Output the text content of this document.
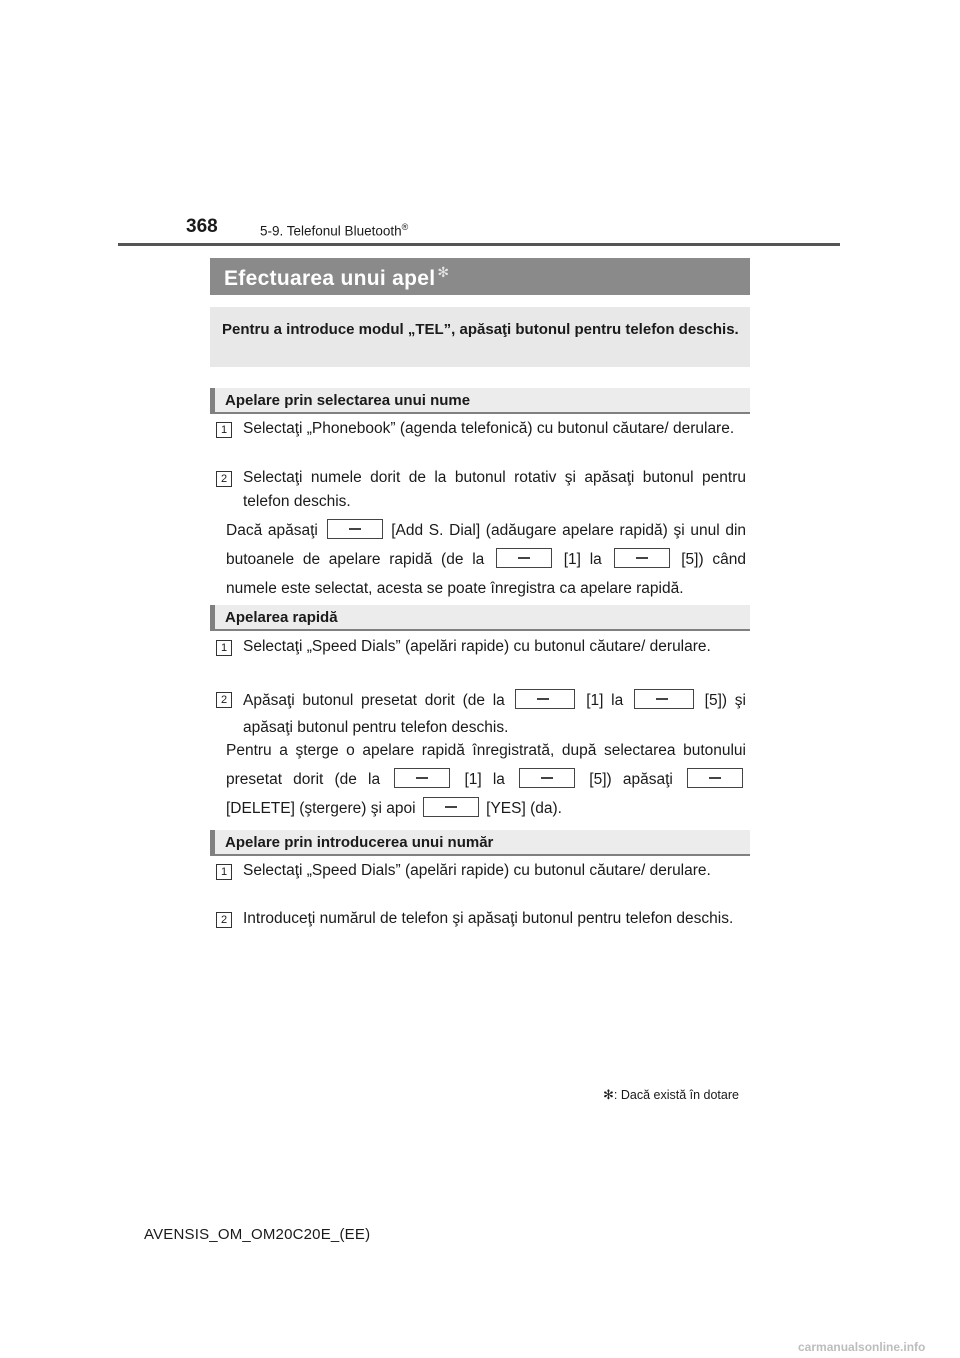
368	5-9. Telefonul Bluetooth®
Efectuarea unui apel ✻

Pentru a introduce modul „TEL”, apăsaţi butonul pentru telefon deschis.

Apelare prin selectarea unui nume
1	Selectaţi „Phonebook” (agenda telefonică) cu butonul căutare/ derulare.

2	Selectaţi numele dorit de la butonul rotativ şi apăsaţi butonul pentru telefon deschis.

Dacă apăsaţi	[Add S. Dial] (adăugare apelare rapidă) şi unul din butoanele de apelare rapidă (de la	[1] la	[5]) când numele este selectat, acesta se poate înregistra ca apelare rapidă.

Apelarea rapidă
1	Selectaţi „Speed Dials” (apelări rapide) cu butonul căutare/ derulare.

2	Apăsaţi butonul presetat dorit (de la	[1] la	[5]) şi apăsaţi butonul pentru telefon deschis.

Pentru a şterge o apelare rapidă înregistrată, după selectarea butonului presetat dorit (de la	[1] la	[5]) apăsaţi  [DELETE] (ştergere) şi apoi	[YES] (da).

Apelare prin introducerea unui număr
1	Selectaţi „Speed Dials” (apelări rapide) cu butonul căutare/ derulare.

2	Introduceţi numărul de telefon şi apăsaţi butonul pentru telefon deschis.

✻: Dacă există în dotare
AVENSIS_OM_OM20C20E_(EE)
carmanualsonline.info
